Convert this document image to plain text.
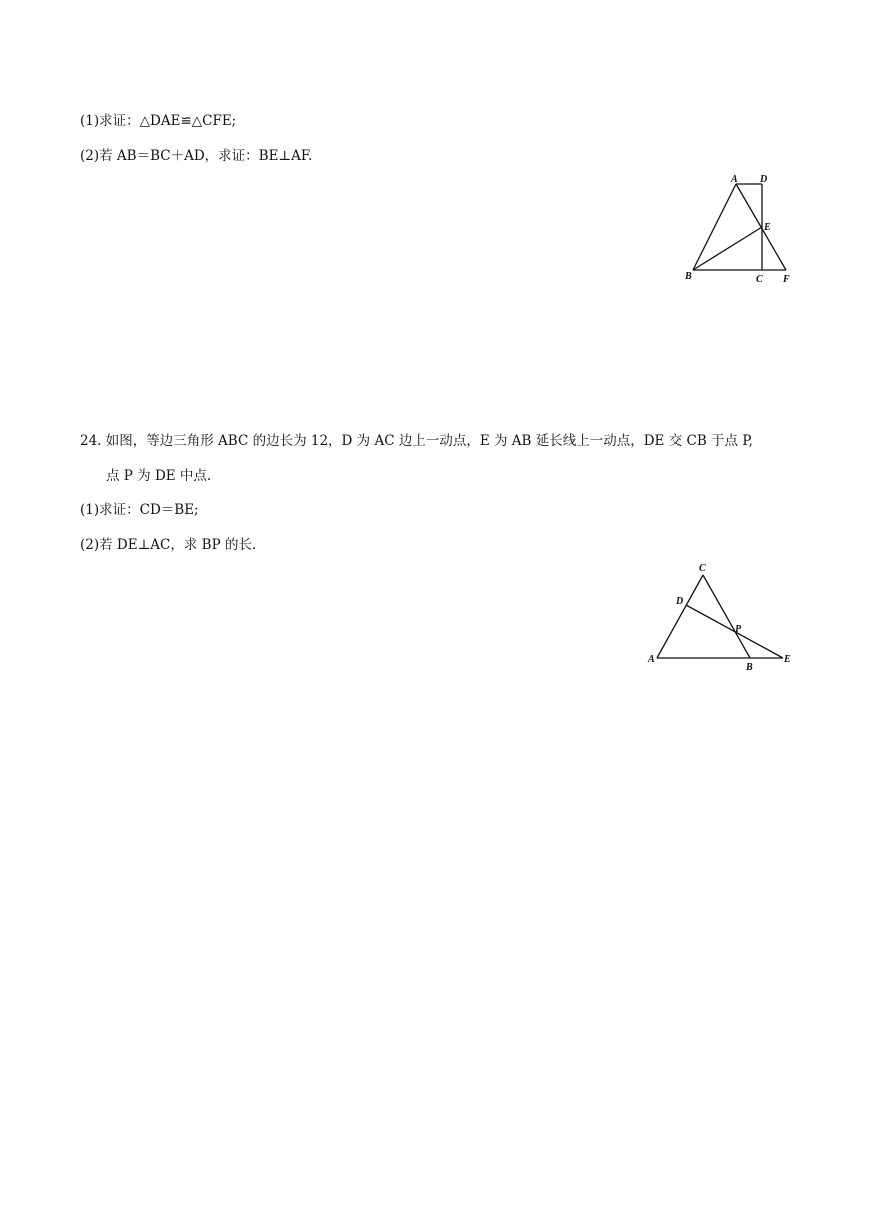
(1)求证：△DAE≌△CFE;
(2)若 AB＝BC＋AD，求证：BE⊥AF.
A D
E
B	C F
24. 如图，等边三角形 ABC 的边长为 12，D 为 AC 边上一动点，E 为 AB 延长线上一动点，DE 交 CB 于点 P,
点 P 为 DE 中点.
(1)求证：CD＝BE;
(2)若 DE⊥AC，求 BP 的长.
C
D
P
A
B
E
